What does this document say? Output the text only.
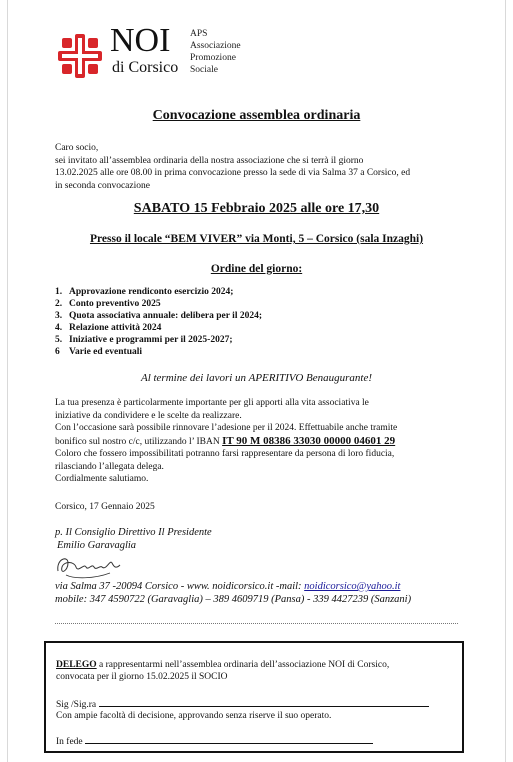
NOI
di Corsico
APS
Associazione
Promozione
Sociale
Convocazione assemblea ordinaria
Caro socio,
sei invitato all’assemblea ordinaria della nostra associazione che si terrà il giorno
13.02.2025 alle ore 08.00 in prima convocazione presso la sede di via Salma 37 a Corsico, ed
in seconda convocazione
SABATO 15 Febbraio 2025 alle ore 17,30
Presso il locale “BEM VIVER” via Monti, 5 – Corsico (sala Inzaghi)
Ordine del giorno:
1. Approvazione rendiconto esercizio 2024;
2. Conto preventivo 2025
3. Quota associativa annuale: delibera per il 2024;
4. Relazione attività 2024
5. Iniziative e programmi per il 2025-2027;
6 Varie ed eventuali
Al termine dei lavori un APERITIVO Benaugurante!
La tua presenza è particolarmente importante per gli apporti alla vita associativa le
iniziative da condividere e le scelte da realizzare.
Con l’occasione sarà possibile rinnovare l’adesione per il 2024. Effettuabile anche tramite
bonifico sul nostro c/c, utilizzando l’ IBAN IT 90 M 08386 33030 00000 04601 29
Coloro che fossero impossibilitati potranno farsi rappresentare da persona di loro fiducia,
rilasciando l’allegata delega.
Cordialmente salutiamo.
Corsico, 17 Gennaio 2025
p. Il Consiglio Direttivo Il Presidente
Emilio Garavaglia
via Salma 37 -20094 Corsico - www. noidicorsico.it -mail: noidicorsico@yahoo.it
mobile: 347 4590722 (Garavaglia) – 389 4609719 (Pansa) - 339 4427239 (Sanzani)
DELEGO a rappresentarmi nell’assemblea ordinaria dell’associazione NOI di Corsico,
convocata per il giorno 15.02.2025 il SOCIO
Sig /Sig.ra
Con ampie facoltà di decisione, approvando senza riserve il suo operato.
In fede
